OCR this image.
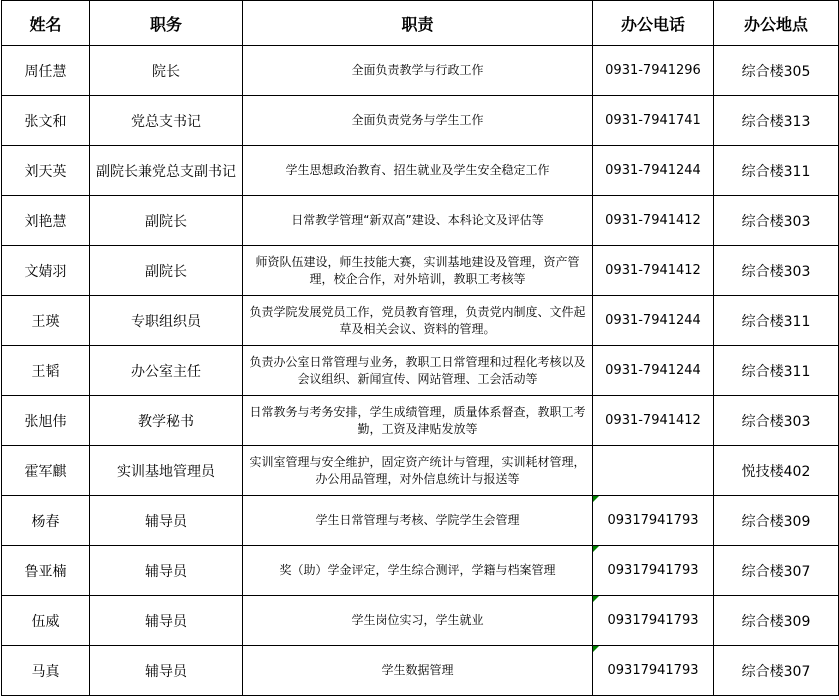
姓名	职务	职责	办公电话	办公地点
周任慧	院长	全面负责教学与行政工作	0931-7941296	综合楼305
张文和	党总支书记	全面负责党务与学生工作	0931-7941741	综合楼313
刘天英	副院长兼党总支副书记	学生思想政治教育、招生就业及学生安全稳定工作	0931-7941244	综合楼311
刘艳慧	副院长	日常教学管理“新双高”建设、本科论文及评估等	0931-7941412	综合楼303
文婧羽	副院长	师资队伍建设，师生技能大赛，实训基地建设及管理，资产管理，校企合作，对外培训，教职工考核等	0931-7941412	综合楼303
王瑛	专职组织员	负责学院发展党员工作，党员教育管理，负责党内制度、文件起草及相关会议、资料的管理。	0931-7941244	综合楼311
王韬	办公室主任	负责办公室日常管理与业务，教职工日常管理和过程化考核以及会议组织、新闻宣传、网站管理、工会活动等	0931-7941244	综合楼311
张旭伟	教学秘书	日常教务与考务安排，学生成绩管理，质量体系督查，教职工考勤，工资及津贴发放等	0931-7941412	综合楼303
霍军麒	实训基地管理员	实训室管理与安全维护，固定资产统计与管理，实训耗材管理，办公用品管理，对外信息统计与报送等		悦技楼402
杨春	辅导员	学生日常管理与考核、学院学生会管理	09317941793	综合楼309
鲁亚楠	辅导员	奖（助）学金评定，学生综合测评，学籍与档案管理	09317941793	综合楼307
伍威	辅导员	学生岗位实习，学生就业	09317941793	综合楼309
马真	辅导员	学生数据管理	09317941793	综合楼307
